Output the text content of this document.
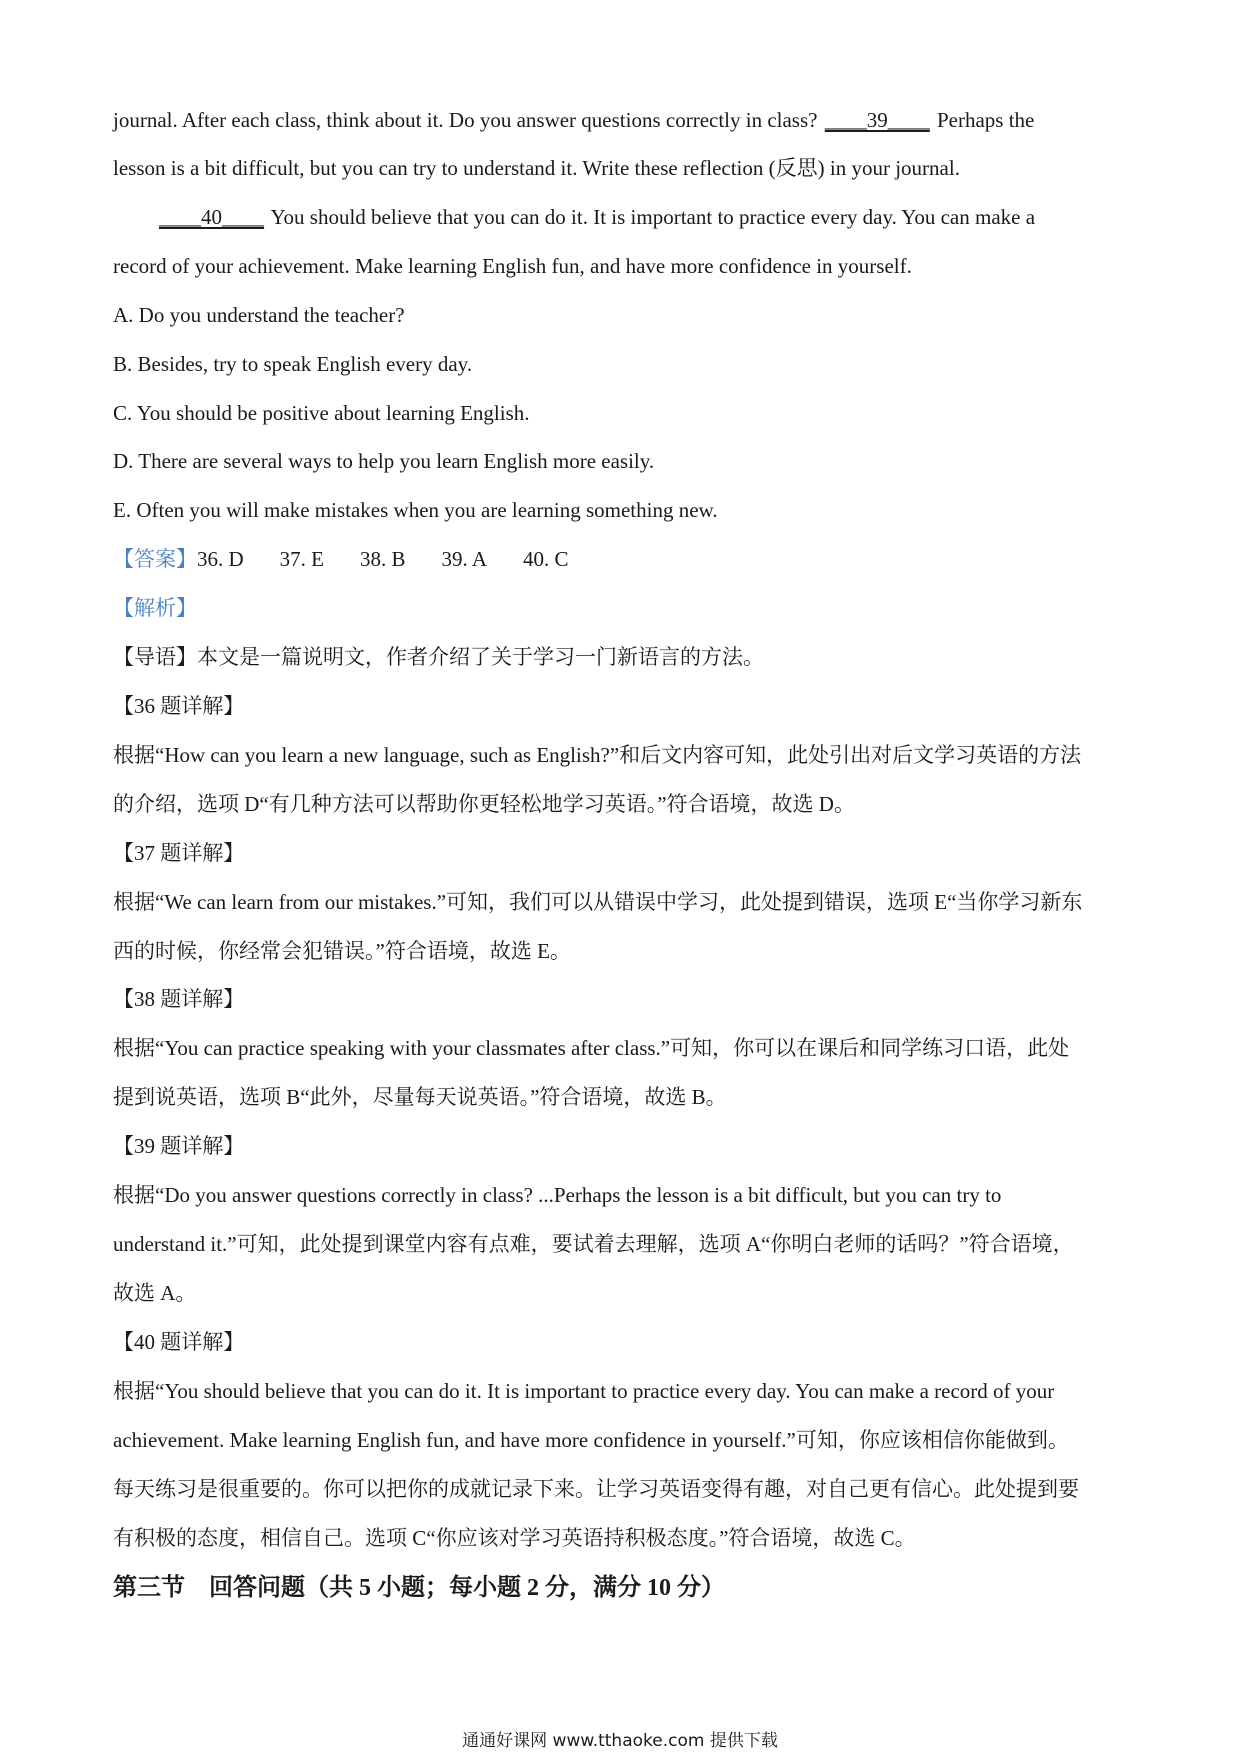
journal. After each class, think about it. Do you answer questions correctly in class? ____39____ Perhaps the
lesson is a bit difficult, but you can try to understand it. Write these reflection (反思) in your journal.
____40____ You should believe that you can do it. It is important to practice every day. You can make a
record of your achievement. Make learning English fun, and have more confidence in yourself.
A. Do you understand the teacher?
B. Besides, try to speak English every day.
C. You should be positive about learning English.
D. There are several ways to help you learn English more easily.
E. Often you will make mistakes when you are learning something new.
【答案】36. D 37. E 38. B 39. A 40. C
【解析】
【导语】本文是一篇说明文，作者介绍了关于学习一门新语言的方法。
【36 题详解】
根据“How can you learn a new language, such as English?”和后文内容可知，此处引出对后文学习英语的方法
的介绍，选项 D“有几种方法可以帮助你更轻松地学习英语。”符合语境，故选 D。
【37 题详解】
根据“We can learn from our mistakes.”可知，我们可以从错误中学习，此处提到错误，选项 E“当你学习新东
西的时候，你经常会犯错误。”符合语境，故选 E。
【38 题详解】
根据“You can practice speaking with your classmates after class.”可知，你可以在课后和同学练习口语，此处
提到说英语，选项 B“此外，尽量每天说英语。”符合语境，故选 B。
【39 题详解】
根据“Do you answer questions correctly in class? ...Perhaps the lesson is a bit difficult, but you can try to
understand it.”可知，此处提到课堂内容有点难，要试着去理解，选项 A“你明白老师的话吗？”符合语境，
故选 A。
【40 题详解】
根据“You should believe that you can do it. It is important to practice every day. You can make a record of your
achievement. Make learning English fun, and have more confidence in yourself.”可知，你应该相信你能做到。
每天练习是很重要的。你可以把你的成就记录下来。让学习英语变得有趣，对自己更有信心。此处提到要
有积极的态度，相信自己。选项 C“你应该对学习英语持积极态度。”符合语境，故选 C。
第三节　回答问题（共 5 小题；每小题 2 分，满分 10 分）
通通好课网 www.tthaoke.com 提供下载
